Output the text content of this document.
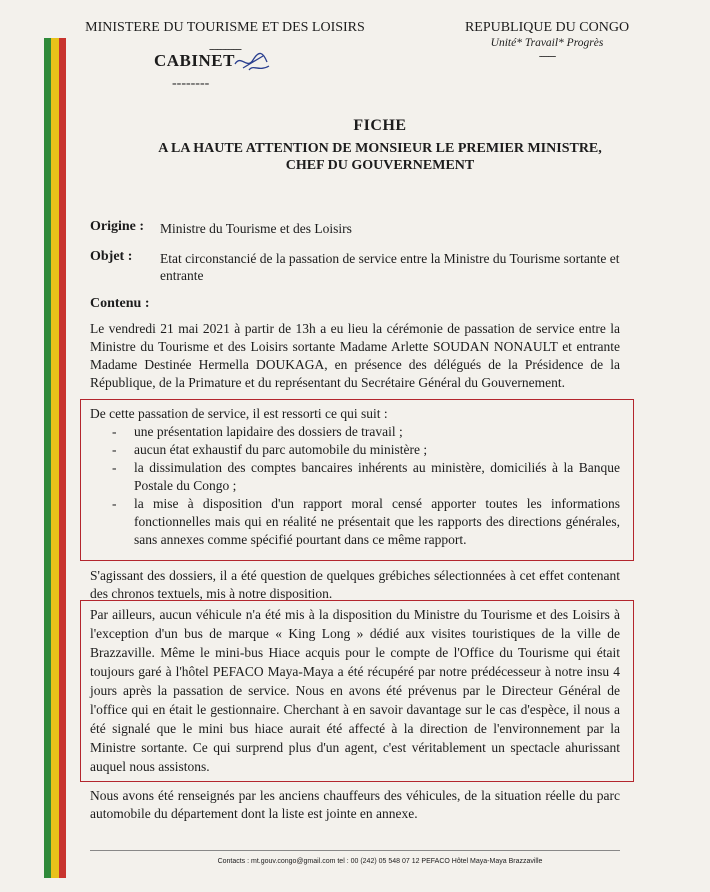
MINISTERE DU TOURISME ET DES LOISIRS
------------
CABINET
--------
REPUBLIQUE DU CONGO
Unité* Travail* Progrès
-------
FICHE
A LA HAUTE ATTENTION DE MONSIEUR LE PREMIER MINISTRE,
CHEF DU GOUVERNEMENT
Origine : Ministre du Tourisme et des Loisirs
Objet : Etat circonstancié de la passation de service entre la Ministre du Tourisme sortante et entrante
Contenu :
Le vendredi 21 mai 2021 à partir de 13h a eu lieu la cérémonie de passation de service entre la Ministre du Tourisme et des Loisirs sortante Madame Arlette SOUDAN NONAULT et entrante Madame Destinée Hermella DOUKAGA, en présence des délégués de la Présidence de la République, de la Primature et du représentant du Secrétaire Général du Gouvernement.
De cette passation de service, il est ressorti ce qui suit :
- une présentation lapidaire des dossiers de travail ;
- aucun état exhaustif du parc automobile du ministère ;
- la dissimulation des comptes bancaires inhérents au ministère, domiciliés à la Banque Postale du Congo ;
- la mise à disposition d'un rapport moral censé apporter toutes les informations fonctionnelles mais qui en réalité ne présentait que les rapports des directions générales, sans annexes comme spécifié pourtant dans ce même rapport.
S'agissant des dossiers, il a été question de quelques grébiches sélectionnées à cet effet contenant des chronos textuels, mis à notre disposition.
Par ailleurs, aucun véhicule n'a été mis à la disposition du Ministre du Tourisme et des Loisirs à l'exception d'un bus de marque « King Long » dédié aux visites touristiques de la ville de Brazzaville. Même le mini-bus Hiace acquis pour le compte de l'Office du Tourisme qui était toujours garé à l'hôtel PEFACO Maya-Maya a été récupéré par notre prédécesseur à notre insu 4 jours après la passation de service. Nous en avons été prévenus par le Directeur Général de l'office qui en était le gestionnaire. Cherchant à en savoir davantage sur le cas d'espèce, il nous a été signalé que le mini bus hiace aurait été affecté à la direction de l'environnement par la Ministre sortante. Ce qui surprend plus d'un agent, c'est véritablement un spectacle ahurissant auquel nous assistons.
Nous avons été renseignés par les anciens chauffeurs des véhicules, de la situation réelle du parc automobile du département dont la liste est jointe en annexe.
Contacts : mt.gouv.congo@gmail.com tel : 00 (242) 05 548 07 12 PEFACO Hôtel Maya-Maya Brazzaville
